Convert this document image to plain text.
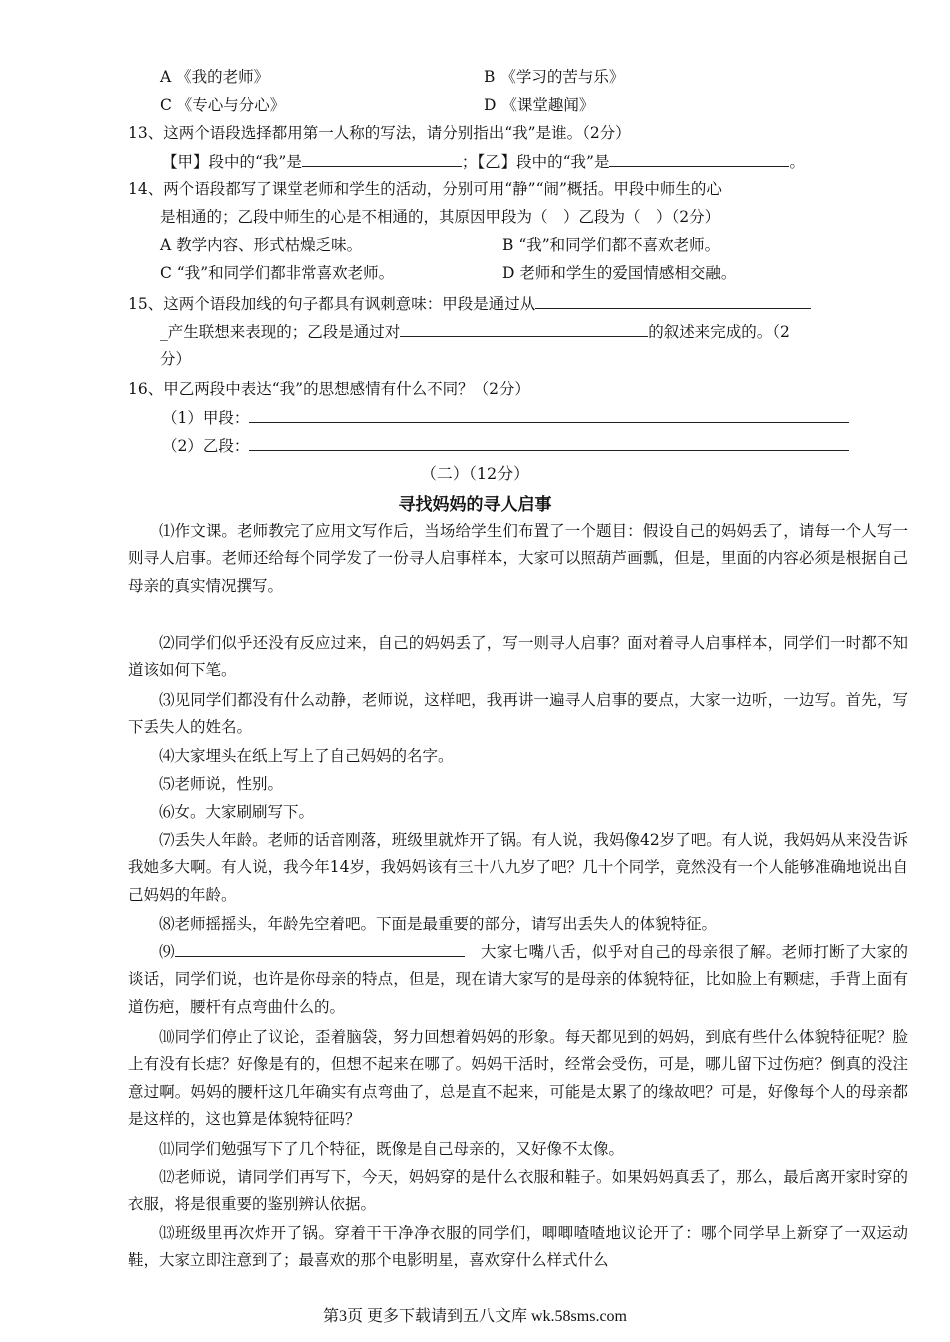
A 《我的老师》	B 《学习的苦与乐》
C 《专心与分心》	D 《课堂趣闻》
13、这两个语段选择都用第一人称的写法，请分别指出“我”是谁。（2分）
【甲】段中的“我”是	；【乙】段中的“我”是	。
14、两个语段都写了课堂老师和学生的活动，分别可用“静”“闹”概括。甲段中师生的心
是相通的；乙段中师生的心是不相通的，其原因甲段为（　）乙段为（　）（2分）
A 教学内容、形式枯燥乏味。	B “我”和同学们都不喜欢老师。
C “我”和同学们都非常喜欢老师。	D 老师和学生的爱国情感相交融。
15、这两个语段加线的句子都具有讽刺意味：甲段是通过从
_产生联想来表现的；乙段是通过对	的叙述来完成的。（2
分）
16、甲乙两段中表达“我”的思想感情有什么不同？（2分）
（1）甲段：
（2）乙段：
（二）（12分）
寻找妈妈的寻人启事
⑴作文课。老师教完了应用文写作后，当场给学生们布置了一个题目：假设自己的妈妈丢了，请每一个人写一则寻人启事。老师还给每个同学发了一份寻人启事样本，大家可以照葫芦画瓢，但是，里面的内容必须是根据自己母亲的真实情况撰写。
⑵同学们似乎还没有反应过来，自己的妈妈丢了，写一则寻人启事？面对着寻人启事样本，同学们一时都不知道该如何下笔。
⑶见同学们都没有什么动静，老师说，这样吧，我再讲一遍寻人启事的要点，大家一边听，一边写。首先，写下丢失人的姓名。
⑷大家埋头在纸上写上了自己妈妈的名字。
⑸老师说，性别。
⑹女。大家刷刷写下。
⑺丢失人年龄。老师的话音刚落，班级里就炸开了锅。有人说，我妈像42岁了吧。有人说，我妈妈从来没告诉我她多大啊。有人说，我今年14岁，我妈妈该有三十八九岁了吧？几十个同学，竟然没有一个人能够准确地说出自己妈妈的年龄。
⑻老师摇摇头，年龄先空着吧。下面是最重要的部分，请写出丢失人的体貌特征。
⑼　	大家七嘴八舌，似乎对自己的母亲很了解。老师打断了大家的谈话，同学们说，也许是你母亲的特点，但是，现在请大家写的是母亲的体貌特征，比如脸上有颗痣，手背上面有道伤疤，腰杆有点弯曲什么的。
⑽同学们停止了议论，歪着脑袋，努力回想着妈妈的形象。每天都见到的妈妈，到底有些什么体貌特征呢？脸上有没有长痣？好像是有的，但想不起来在哪了。妈妈干活时，经常会受伤，可是，哪儿留下过伤疤？倒真的没注意过啊。妈妈的腰杆这几年确实有点弯曲了，总是直不起来，可能是太累了的缘故吧？可是，好像每个人的母亲都是这样的，这也算是体貌特征吗？
⑾同学们勉强写下了几个特征，既像是自己母亲的，又好像不太像。
⑿老师说，请同学们再写下，今天，妈妈穿的是什么衣服和鞋子。如果妈妈真丢了，那么，最后离开家时穿的衣服，将是很重要的鉴别辨认依据。
⒀班级里再次炸开了锅。穿着干干净净衣服的同学们，唧唧喳喳地议论开了：哪个同学早上新穿了一双运动鞋，大家立即注意到了；最喜欢的那个电影明星，喜欢穿什么样式什么
第3页 更多下载请到五八文库 wk.58sms.com
